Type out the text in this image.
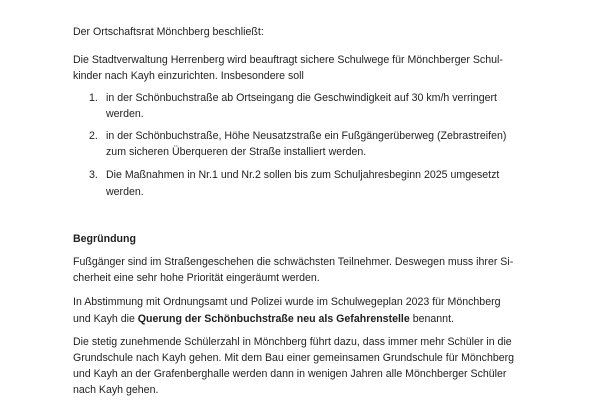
Der Ortschaftsrat Mönchberg beschließt:
Die Stadtverwaltung Herrenberg wird beauftragt sichere Schulwege für Mönchberger Schul-
kinder nach Kayh einzurichten. Insbesondere soll
1. in der Schönbuchstraße ab Ortseingang die Geschwindigkeit auf 30 km/h verringert
werden.
2. in der Schönbuchstraße, Höhe Neusatzstraße ein Fußgängerüberweg (Zebrastreifen)
zum sicheren Überqueren der Straße installiert werden.
3. Die Maßnahmen in Nr.1 und Nr.2 sollen bis zum Schuljahresbeginn 2025 umgesetzt
werden.
Begründung
Fußgänger sind im Straßengeschehen die schwächsten Teilnehmer. Deswegen muss ihrer Si-
cherheit eine sehr hohe Priorität eingeräumt werden.
In Abstimmung mit Ordnungsamt und Polizei wurde im Schulwegeplan 2023 für Mönchberg
und Kayh die Querung der Schönbuchstraße neu als Gefahrenstelle benannt.
Die stetig zunehmende Schülerzahl in Mönchberg führt dazu, dass immer mehr Schüler in die
Grundschule nach Kayh gehen. Mit dem Bau einer gemeinsamen Grundschule für Mönchberg
und Kayh an der Grafenberghalle werden dann in wenigen Jahren alle Mönchberger Schüler
nach Kayh gehen.
